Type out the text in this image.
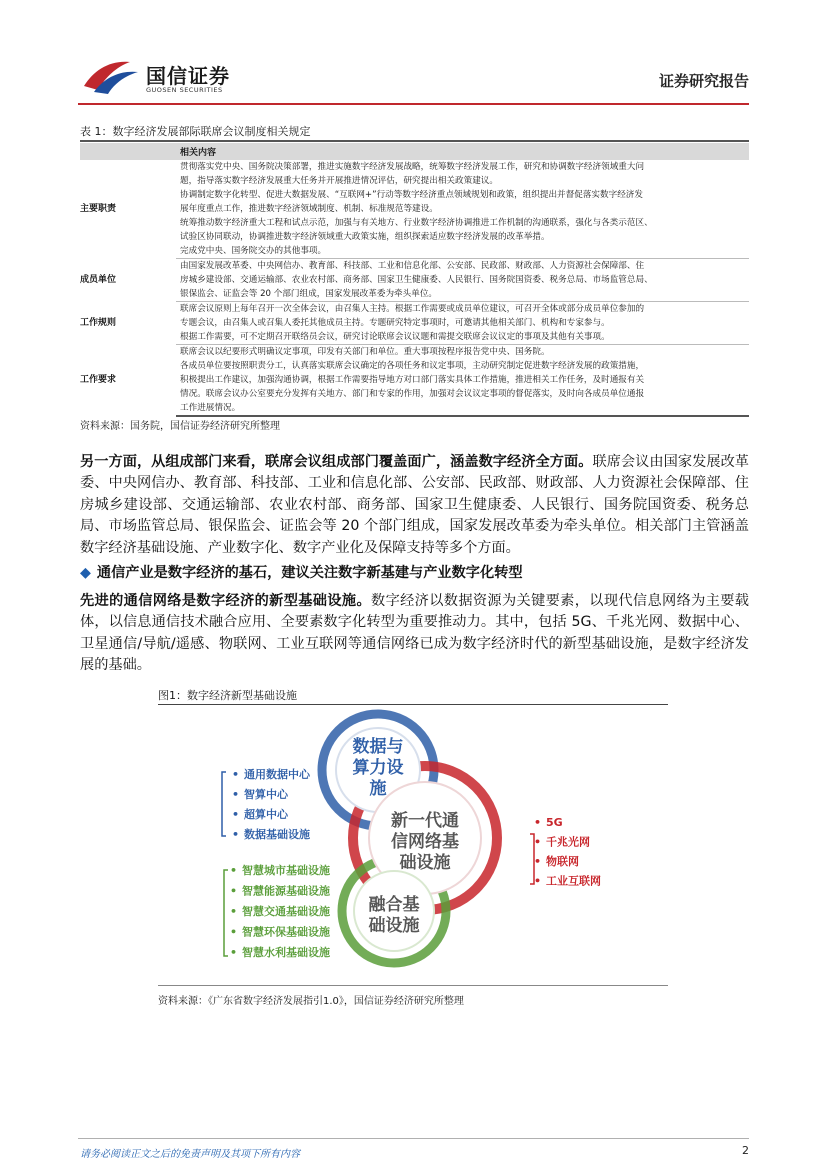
国信证券
GUOSEN SECURITIES	证券研究报告
表 1：数字经济发展部际联席会议制度相关规定
	相关内容
主要职责	贯彻落实党中央、国务院决策部署，推进实施数字经济发展战略，统筹数字经济发展工作，研究和协调数字经济领域重大问
	题，指导落实数字经济发展重大任务并开展推进情况评估，研究提出相关政策建议。
	协调制定数字化转型、促进大数据发展、“互联网+”行动等数字经济重点领域规划和政策，组织提出并督促落实数字经济发
	展年度重点工作，推进数字经济领域制度、机制、标准规范等建设。
	统筹推动数字经济重大工程和试点示范，加强与有关地方、行业数字经济协调推进工作机制的沟通联系，强化与各类示范区、
	试验区协同联动，协调推进数字经济领域重大政策实施，组织探索适应数字经济发展的改革举措。
	完成党中央、国务院交办的其他事项。
成员单位	由国家发展改革委、中央网信办、教育部、科技部、工业和信息化部、公安部、民政部、财政部、人力资源社会保障部、住
	房城乡建设部、交通运输部、农业农村部、商务部、国家卫生健康委、人民银行、国务院国资委、税务总局、市场监管总局、
	银保监会、证监会等 20 个部门组成，国家发展改革委为牵头单位。
工作规则	联席会议原则上每年召开一次全体会议，由召集人主持。根据工作需要或成员单位建议，可召开全体或部分成员单位参加的
	专题会议，由召集人或召集人委托其他成员主持。专题研究特定事项时，可邀请其他相关部门、机构和专家参与。
	根据工作需要，可不定期召开联络员会议，研究讨论联席会议议题和需提交联席会议议定的事项及其他有关事项。
工作要求	联席会议以纪要形式明确议定事项，印发有关部门和单位。重大事项按程序报告党中央、国务院。
	各成员单位要按照职责分工，认真落实联席会议确定的各项任务和议定事项，主动研究制定促进数字经济发展的政策措施，
	积极提出工作建议，加强沟通协调，根据工作需要指导地方对口部门落实具体工作措施，推进相关工作任务，及时通报有关
	情况。联席会议办公室要充分发挥有关地方、部门和专家的作用，加强对会议议定事项的督促落实，及时向各成员单位通报
	工作进展情况。
资料来源：国务院，国信证券经济研究所整理
另一方面，从组成部门来看，联席会议组成部门覆盖面广，涵盖数字经济全方面。联席会议由国家发展改革委、中央网信办、教育部、科技部、工业和信息化部、公安部、民政部、财政部、人力资源社会保障部、住房城乡建设部、交通运输部、农业农村部、商务部、国家卫生健康委、人民银行、国务院国资委、税务总局、市场监管总局、银保监会、证监会等 20 个部门组成，国家发展改革委为牵头单位。相关部门主管涵盖数字经济基础设施、产业数字化、数字产业化及保障支持等多个方面。
◆ 通信产业是数字经济的基石，建议关注数字新基建与产业数字化转型
先进的通信网络是数字经济的新型基础设施。数字经济以数据资源为关键要素，以现代信息网络为主要载体，以信息通信技术融合应用、全要素数字化转型为重要推动力。其中，包括 5G、千兆光网、数据中心、卫星通信/导航/遥感、物联网、工业互联网等通信网络已成为数字经济时代的新型基础设施，是数字经济发展的基础。
图1：数字经济新型基础设施
数据与
算力设
施
新一代通
信网络基
础设施
融合基
础设施
通用数据中心
•
智算中心
•
超算中心
•
数据基础设施
•
5G
•
千兆光网
•
物联网
•
工业互联网
•
智慧城市基础设施
•
智慧能源基础设施
•
智慧交通基础设施
•
智慧环保基础设施
•
智慧水利基础设施
•
资料来源：《广东省数字经济发展指引1.0》，国信证券经济研究所整理
请务必阅读正文之后的免责声明及其项下所有内容	2
